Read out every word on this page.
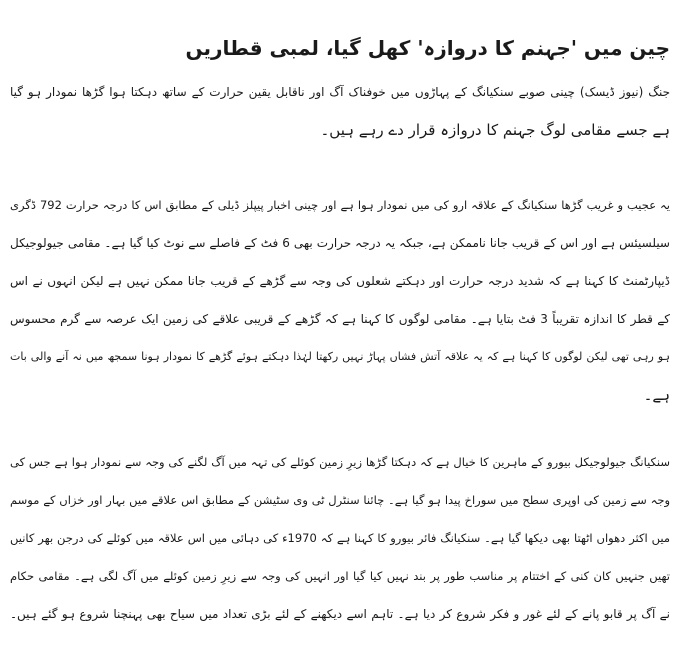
چین میں 'جہنم کا دروازہ' کھل گیا، لمبی قطاریں
جنگ (نیوز ڈیسک) چینی صوبے سنکیانگ کے پہاڑوں میں خوفناک آگ اور ناقابل یقین حرارت کے ساتھ دہکتا ہوا گڑھا نمودار ہو گیا
ہے جسے مقامی لوگ جہنم کا دروازہ قرار دے رہے ہیں۔
یہ عجیب و غریب گڑھا سنکیانگ کے علاقہ ارو کی میں نمودار ہوا ہے اور چینی اخبار پیپلز ڈیلی کے مطابق اس کا درجہ حرارت 792 ڈگری
سیلسیئس ہے اور اس کے قریب جانا ناممکن ہے، جبکہ یہ درجہ حرارت بھی 6 فٹ کے فاصلے سے نوٹ کیا گیا ہے۔ مقامی جیولوجیکل
ڈیپارٹمنٹ کا کہنا ہے کہ شدید درجہ حرارت اور دہکتے شعلوں کی وجہ سے گڑھے کے قریب جانا ممکن نہیں ہے لیکن انہوں نے اس
کے قطر کا اندازہ تقریباً 3 فٹ بتایا ہے۔ مقامی لوگوں کا کہنا ہے کہ گڑھے کے قریبی علاقے کی زمین ایک عرصہ سے گرم محسوس
ہو رہی تھی لیکن لوگوں کا کہنا ہے کہ یہ علاقہ آتش فشاں پہاڑ نہیں رکھتا لہٰذا دہکتے ہوئے گڑھے کا نمودار ہونا سمجھ میں نہ آنے والی بات
ہے۔
سنکیانگ جیولوجیکل بیورو کے ماہرین کا خیال ہے کہ دہکتا گڑھا زیرِ زمین کوئلے کی تہہ میں آگ لگنے کی وجہ سے نمودار ہوا ہے جس کی
وجہ سے زمین کی اوپری سطح میں سوراخ پیدا ہو گیا ہے۔ چائنا سنٹرل ٹی وی سٹیشن کے مطابق اس علاقے میں بہار اور خزاں کے موسم
میں اکثر دھواں اٹھتا بھی دیکھا گیا ہے۔ سنکیانگ فائر بیورو کا کہنا ہے کہ 1970ء کی دہائی میں اس علاقہ میں کوئلے کی درجن بھر کانیں
تھیں جنہیں کان کنی کے اختتام پر مناسب طور پر بند نہیں کیا گیا اور انہیں کی وجہ سے زیرِ زمین کوئلے میں آگ لگی ہے۔ مقامی حکام
نے آگ پر قابو پانے کے لئے غور و فکر شروع کر دیا ہے۔ تاہم اسے دیکھنے کے لئے بڑی تعداد میں سیاح بھی پہنچنا شروع ہو گئے ہیں۔
